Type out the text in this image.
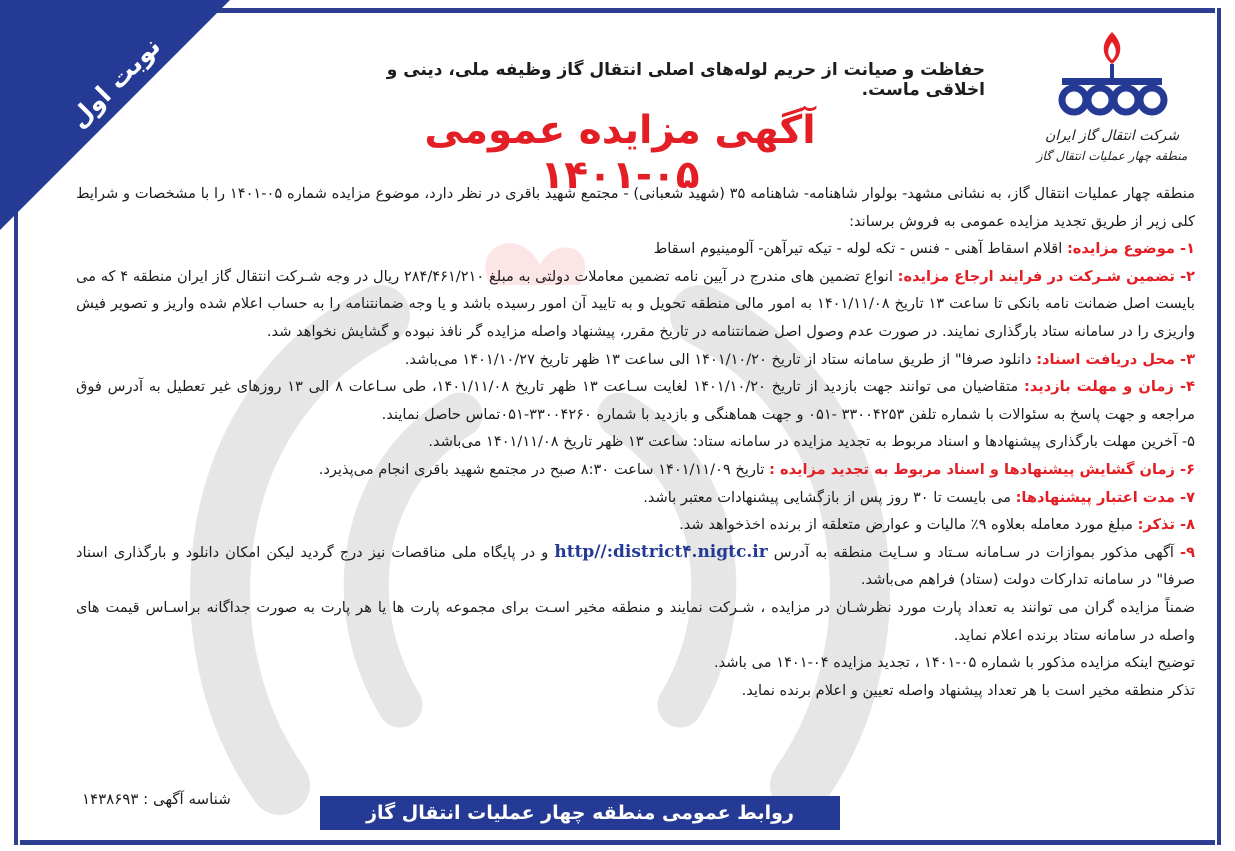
نوبت اول
شرکت انتقال گاز ایران
منطقه چهار عملیات انتقال گاز
حفاظت و صیانت از حریم لوله‌های اصلی انتقال گاز وظیفه ملی، دینی و اخلاقی ماست.
آگهی مزایده عمومی ۰۵-۱۴۰۱

منطقه چهار عملیات انتقال گاز، به نشانی مشهد- بولوار شاهنامه- شاهنامه ۳۵ (شهید شعبانی) - مجتمع شهید باقری در نظر دارد، موضوع مزایده شماره ۰۵-۱۴۰۱ را با مشخصات و شرایط کلی زیر از طریق تجدید مزایده عمومی به فروش برساند:

۱- موضوع مزایده: اقلام اسقاط آهنی - فنس - تکه لوله - تیکه تیرآهن- آلومینیوم اسقاط

۲- تضمین شـرکت در فرایند ارجاع مزایده: انواع تضمین های مندرج در آیین نامه تضمین معاملات دولتی به مبلغ ۲۸۴/۴۶۱/۲۱۰ ریال در وجه شـرکت انتقال گاز ایران منطقه ۴ که می بایست اصل ضمانت نامه بانکی تا ساعت ۱۳ تاریخ ۱۴۰۱/۱۱/۰۸ به امور مالی منطقه تحویل و به تایید آن امور رسیده باشد و یا وجه ضمانتنامه را به حساب اعلام شده واریز و تصویر فیش واریزی را در سامانه ستاد بارگذاری نمایند. در صورت عدم وصول اصل ضمانتنامه در تاریخ مقرر، پیشنهاد واصله مزایده گر نافذ نبوده و گشایش نخواهد شد.

۳- محل دریافت اسناد: دانلود صرفا" از طریق سامانه ستاد از تاریخ ۱۴۰۱/۱۰/۲۰ الی ساعت ۱۳ ظهر تاریخ ۱۴۰۱/۱۰/۲۷ می‌باشد.

۴- زمان و مهلت بازدید: متقاضیان می توانند جهت بازدید از تاریخ ۱۴۰۱/۱۰/۲۰ لغایت سـاعت ۱۳ ظهر تاریخ ۱۴۰۱/۱۱/۰۸، طی سـاعات ۸ الی ۱۳ روزهای غیر تعطیل به آدرس فوق مراجعه و جهت پاسخ به سئوالات با شماره تلفن ۳۳۰۰۴۲۵۳ -۰۵۱ و جهت هماهنگی و بازدید با شماره ۳۳۰۰۴۲۶۰-۰۵۱تماس حاصل نمایند.

۵- آخرین مهلت بارگذاری پیشنهادها و اسناد مربوط به تجدید مزایده در سامانه ستاد: ساعت ۱۳ ظهر تاریخ ۱۴۰۱/۱۱/۰۸ می‌باشد.

۶- زمان گشایش پیشنهادها و اسناد مربوط به تجدید مزایده : تاریخ ۱۴۰۱/۱۱/۰۹ ساعت ۸:۳۰ صبح در مجتمع شهید باقری انجام می‌پذیرد.

۷- مدت اعتبار پیشنهادها: می بایست تا ۳۰ روز پس از بازگشایی پیشنهادات معتبر باشد.

۸- تذکر: مبلغ مورد معامله بعلاوه ۹٪ مالیات و عوارض متعلقه از برنده اخذخواهد شد.

۹- آگهی مذکور بموازات در سـامانه سـتاد و سـایت منطقه به آدرس http//:district۴.nigtc.ir و در پایگاه ملی مناقصات نیز درج گردید لیکن امکان دانلود و بارگذاری اسناد صرفا" در سامانه تدارکات دولت (ستاد) فراهم می‌باشد.

ضمناً مزایده گران می توانند به تعداد پارت مورد نظرشـان در مزایده ، شـرکت نمایند و منطقه مخیر اسـت برای مجموعه پارت ها یا هر پارت به صورت جداگانه براسـاس قیمت های واصله در سامانه ستاد برنده اعلام نماید.

توضیح اینکه مزایده مذکور با شماره ۰۵-۱۴۰۱ ، تجدید مزایده ۰۴-۱۴۰۱ می باشد.

تذکر منطقه مخیر است با هر تعداد پیشنهاد واصله تعیین و اعلام برنده نماید.

شناسه آگهی : ۱۴۳۸۶۹۳
روابط عمومی منطقه چهار عملیات انتقال گاز
